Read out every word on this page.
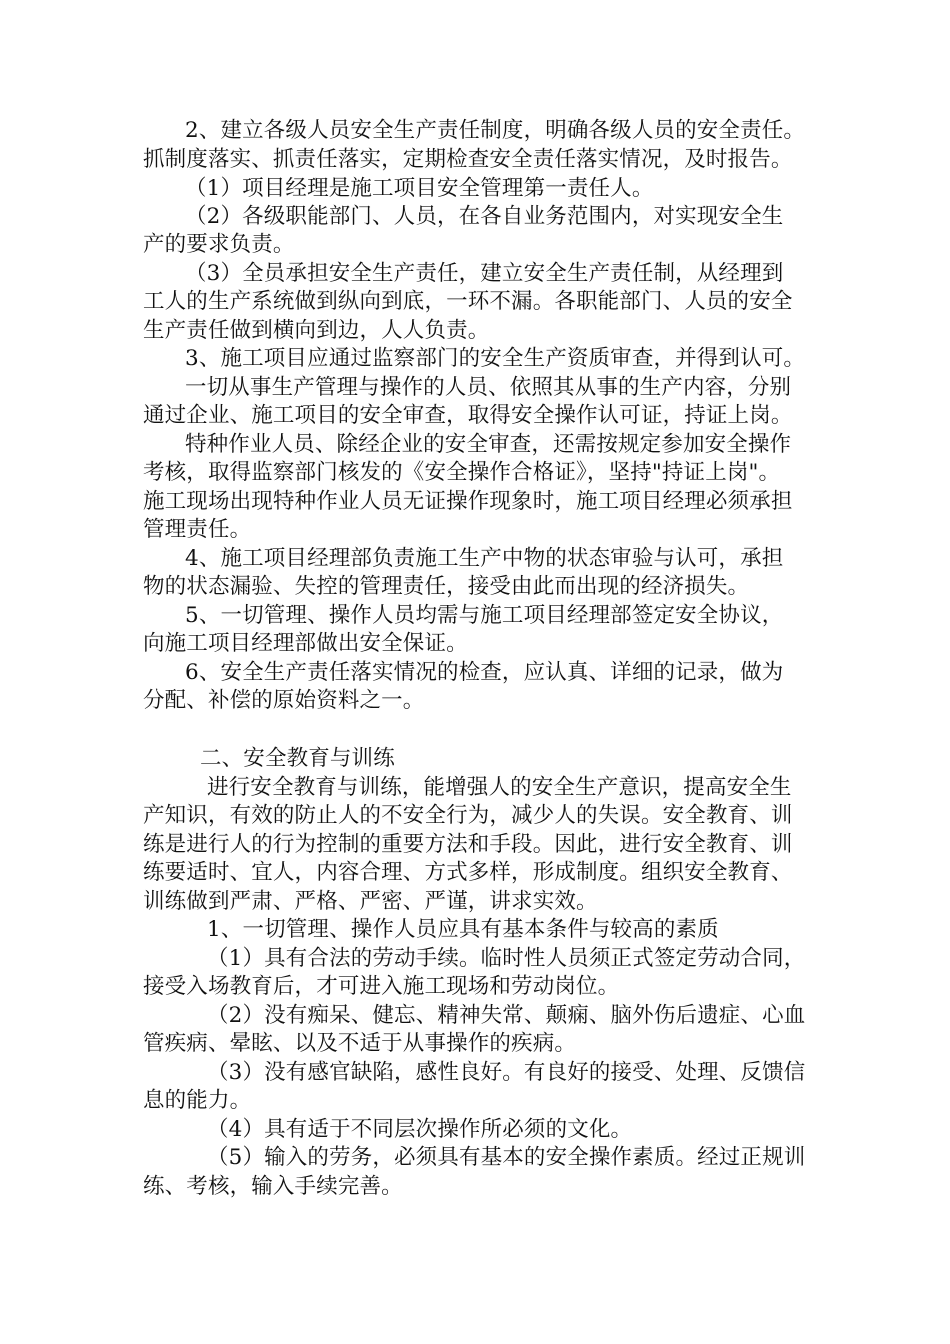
2、建立各级人员安全生产责任制度，明确各级人员的安全责任。
抓制度落实、抓责任落实，定期检查安全责任落实情况，及时报告。
（1）项目经理是施工项目安全管理第一责任人。
（2）各级职能部门、人员，在各自业务范围内，对实现安全生
产的要求负责。
（3）全员承担安全生产责任，建立安全生产责任制，从经理到
工人的生产系统做到纵向到底，一环不漏。各职能部门、人员的安全
生产责任做到横向到边，人人负责。
3、施工项目应通过监察部门的安全生产资质审查，并得到认可。
一切从事生产管理与操作的人员、依照其从事的生产内容，分别
通过企业、施工项目的安全审查，取得安全操作认可证，持证上岗。
特种作业人员、除经企业的安全审查，还需按规定参加安全操作
考核，取得监察部门核发的《安全操作合格证》，坚持"持证上岗"。
施工现场出现特种作业人员无证操作现象时，施工项目经理必须承担
管理责任。
4、施工项目经理部负责施工生产中物的状态审验与认可，承担
物的状态漏验、失控的管理责任，接受由此而出现的经济损失。
5、一切管理、操作人员均需与施工项目经理部签定安全协议，
向施工项目经理部做出安全保证。
6、安全生产责任落实情况的检查，应认真、详细的记录，做为
分配、补偿的原始资料之一。
二、安全教育与训练
进行安全教育与训练，能增强人的安全生产意识，提高安全生
产知识，有效的防止人的不安全行为，减少人的失误。安全教育、训
练是进行人的行为控制的重要方法和手段。因此，进行安全教育、训
练要适时、宜人，内容合理、方式多样，形成制度。组织安全教育、
训练做到严肃、严格、严密、严谨，讲求实效。
1、一切管理、操作人员应具有基本条件与较高的素质
（1）具有合法的劳动手续。临时性人员须正式签定劳动合同，
接受入场教育后，才可进入施工现场和劳动岗位。
（2）没有痴呆、健忘、精神失常、颠痫、脑外伤后遗症、心血
管疾病、晕眩、以及不适于从事操作的疾病。
（3）没有感官缺陷，感性良好。有良好的接受、处理、反馈信
息的能力。
（4）具有适于不同层次操作所必须的文化。
（5）输入的劳务，必须具有基本的安全操作素质。经过正规训
练、考核，输入手续完善。
